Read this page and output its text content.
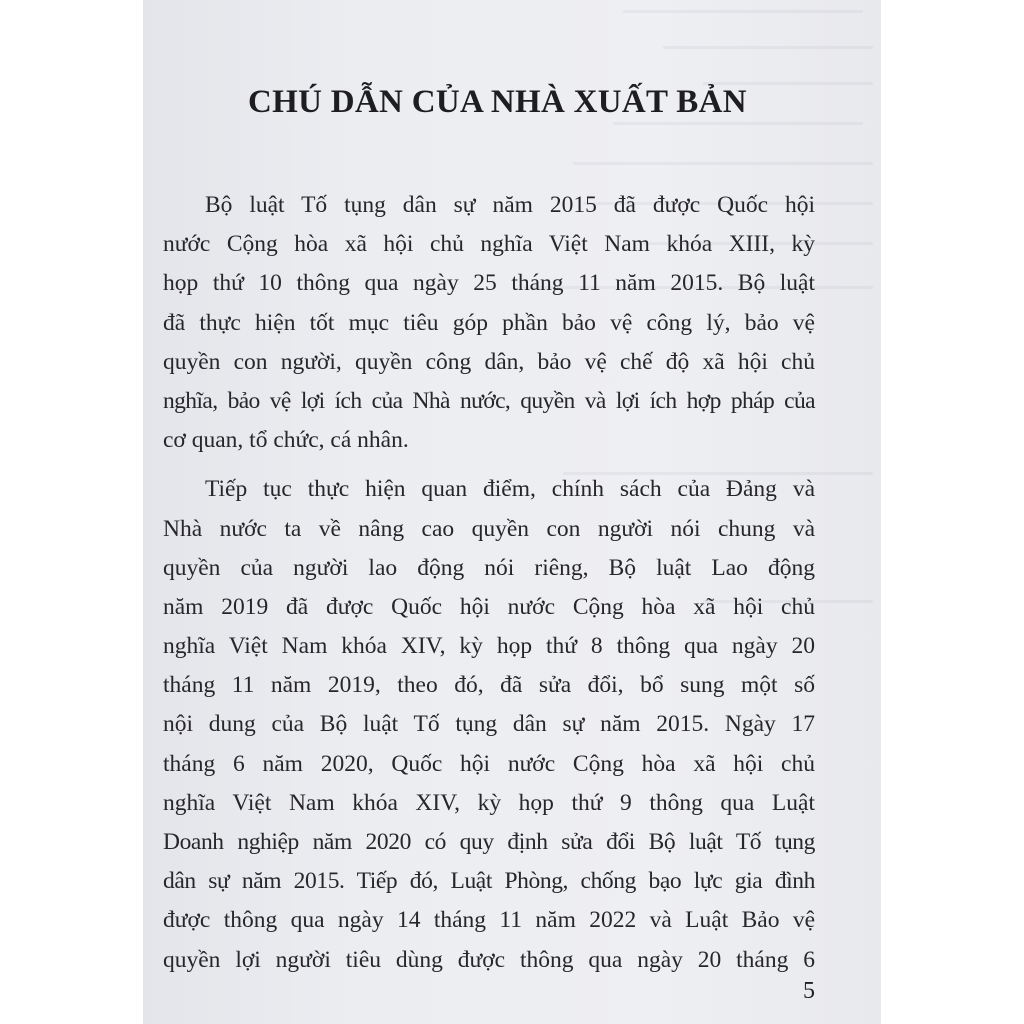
CHÚ DẪN CỦA NHÀ XUẤT BẢN
Bộ luật Tố tụng dân sự năm 2015 đã được Quốc hội
nước Cộng hòa xã hội chủ nghĩa Việt Nam khóa XIII, kỳ
họp thứ 10 thông qua ngày 25 tháng 11 năm 2015. Bộ luật
đã thực hiện tốt mục tiêu góp phần bảo vệ công lý, bảo vệ
quyền con người, quyền công dân, bảo vệ chế độ xã hội chủ
nghĩa, bảo vệ lợi ích của Nhà nước, quyền và lợi ích hợp pháp của
cơ quan, tổ chức, cá nhân.
Tiếp tục thực hiện quan điểm, chính sách của Đảng và
Nhà nước ta về nâng cao quyền con người nói chung và
quyền của người lao động nói riêng, Bộ luật Lao động
năm 2019 đã được Quốc hội nước Cộng hòa xã hội chủ
nghĩa Việt Nam khóa XIV, kỳ họp thứ 8 thông qua ngày 20
tháng 11 năm 2019, theo đó, đã sửa đổi, bổ sung một số
nội dung của Bộ luật Tố tụng dân sự năm 2015. Ngày 17
tháng 6 năm 2020, Quốc hội nước Cộng hòa xã hội chủ
nghĩa Việt Nam khóa XIV, kỳ họp thứ 9 thông qua Luật
Doanh nghiệp năm 2020 có quy định sửa đổi Bộ luật Tố tụng
dân sự năm 2015. Tiếp đó, Luật Phòng, chống bạo lực gia đình
được thông qua ngày 14 tháng 11 năm 2022 và Luật Bảo vệ
quyền lợi người tiêu dùng được thông qua ngày 20 tháng 6
5
